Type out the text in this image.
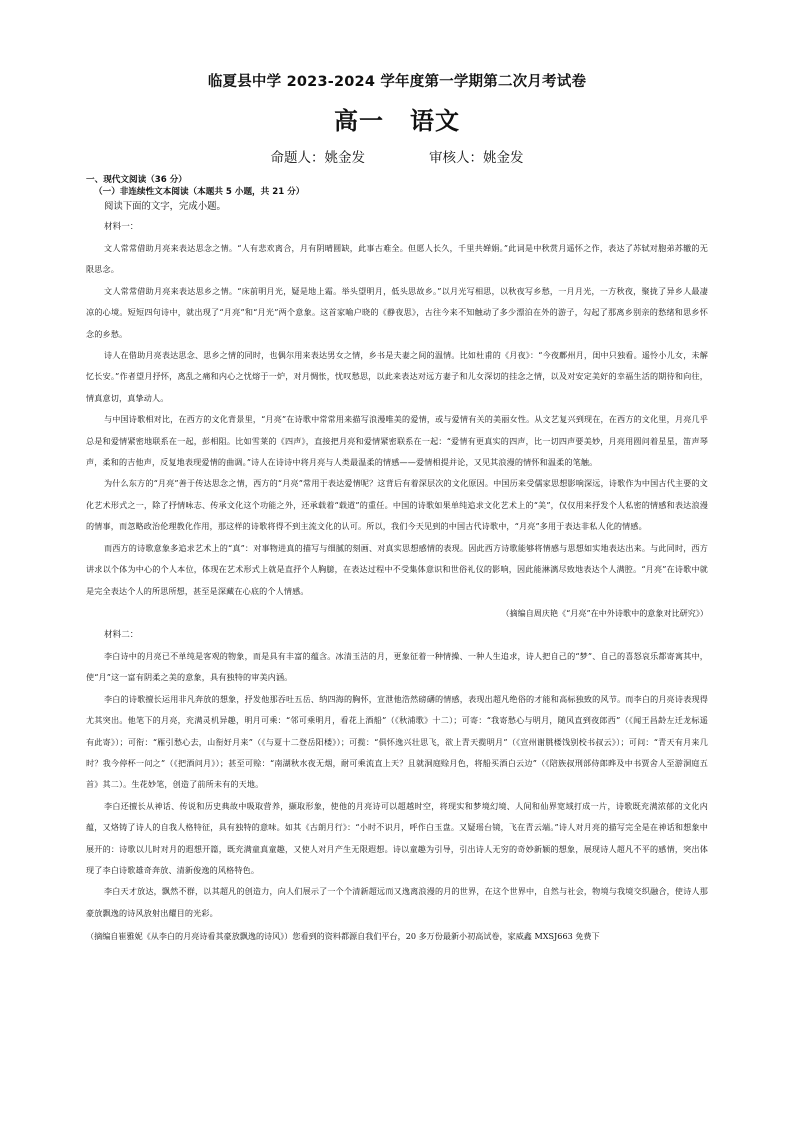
临夏县中学 2023-2024 学年度第一学期第二次月考试卷
高一 语文
命题人：姚金发	审核人：姚金发
一、现代文阅读（36 分）
（一）非连续性文本阅读（本题共 5 小题，共 21 分）
阅读下面的文字，完成小题。
材料一：

文人常常借助月亮来表达思念之情。“人有悲欢离合，月有阴晴圆缺，此事古难全。但愿人长久，千里共婵娟。”此词是中秋赏月遥怀之作，表达了苏轼对胞弟苏辙的无限思念。

文人常常借助月亮来表达思乡之情。“床前明月光，疑是地上霜。举头望明月，低头思故乡。”以月光写相思，以秋夜写乡愁，一月月光，一方秋夜，聚拢了异乡人最凄凉的心境。短短四句诗中，就出现了“月亮”和“月光”两个意象。这首家喻户晓的《静夜思》，古往今来不知触动了多少漂泊在外的游子，勾起了那离乡别亲的愁绪和思乡怀念的乡愁。

诗人在借助月亮表达思念、思乡之情的同时，也偶尔用来表达男女之情，乡书是夫妻之间的温情。比如杜甫的《月夜》：“今夜鄜州月，闺中只独看。遥怜小儿女，未解忆长安。”作者望月抒怀，离乱之痛和内心之忧熔于一炉，对月惆怅，忧叹愁思，以此来表达对远方妻子和儿女深切的挂念之情，以及对安定美好的幸福生活的期待和向往，情真意切，真挚动人。

与中国诗歌相对比，在西方的文化背景里，“月亮”在诗歌中常常用来描写浪漫唯美的爱情，或与爱情有关的美丽女性。从文艺复兴到现在，在西方的文化里，月亮几乎总是和爱情紧密地联系在一起，彭相阻。比如雪莱的《四声》，直接把月亮和爱情紧密联系在一起：“爱情有更真实的四声，比一切四声要美妙，月亮用圆问着星星，笛声琴声，柔和的吉他声，反复地表现爱情的曲调。”诗人在诗诗中将月亮与人类最温柔的情感——爱情相提并论，又见其浪漫的情怀和温柔的笔触。

为什么东方的“月亮”善于传达思念之情，西方的“月亮”常用于表达爱情呢？这背后有着深层次的文化原因。中国历来受儒家思想影响深远，诗歌作为中国古代主要的文化艺术形式之一，除了抒情咏志、传承文化这个功能之外，还承载着“载道”的重任。中国的诗歌如果单纯追求文化艺术上的“美”，仅仅用来抒发个人私密的情感和表达浪漫的情事，而忽略政治伦理教化作用，那这样的诗歌将得不到主流文化的认可。所以，我们今天见到的中国古代诗歌中，“月亮”多用于表达非私人化的情感。

而西方的诗歌意象多追求艺术上的“真”：对事物进真的描写与细腻的刻画、对真实思想感情的表现。因此西方诗歌能够将情感与思想如实地表达出来。与此同时，西方讲求以个体为中心的个人本位，体现在艺术形式上就是直抒个人胸臆，在表达过程中不受集体意识和世俗礼仪的影响，因此能淋漓尽致地表达个人满腔。“月亮”在诗歌中就是完全表达个人的所思所想，甚至是深藏在心底的个人情感。

（摘编自周庆艳《“月亮”在中外诗歌中的意象对比研究》）
材料二：

李白诗中的月亮已不单纯是客观的物象，而是具有丰富的蕴含。冰清玉洁的月，更象征着一种情操、一种人生追求，诗人把自己的“梦”、自己的喜怒哀乐都寄寓其中，使“月”这一富有阴柔之美的意象，具有独特的审美内涵。

李白的诗歌擅长运用非凡奔放的想象，抒发他那吞吐五岳、纳四海的胸怀，宣泄他浩然磅礴的情感，表现出超凡绝俗的才能和高标独致的风节。而李白的月亮诗表现得尤其突出。他笔下的月亮，充满灵机异趣，明月可乘：“邻可乘明月，看花上酒船”（《秋浦歌》十二）；可寄：“我寄愁心与明月，随风直到夜郎西”（《闻王昌龄左迁龙标遥有此寄》）；可衔：“雁引愁心去，山衔好月来”（《与夏十二登岳阳楼》）；可揽：“俱怀逸兴壮思飞，欲上青天揽明月”（《宣州谢朓楼饯别校书叔云》）；可问：“青天有月来几时？我今停杯一问之”（《把酒问月》）；甚至可赊：“南湖秋水夜无烟，耐可乘流直上天？且就洞庭赊月色，将船买酒白云边”（《陪族叔刑部侍郎晔及中书贾舍人至游洞庭五首》其二）。生花妙笔，创造了前所未有的天地。

李白还擅长从神话、传说和历史典故中吸取营养，撷取形象，使他的月亮诗可以超越时空，将现实和梦境幻境、人间和仙界宽域打成一片，诗歌既充满浓郁的文化内蕴，又烙铸了诗人的自我人格特征，具有独特的意味。如其《古朗月行》：“小时不识月，呼作白玉盘。又疑瑶台镜，飞在青云端。”诗人对月亮的描写完全是在神话和想象中展开的：诗歌以儿时对月的遐想开篇，既充满童真童趣，又使人对月产生无限遐想。诗以童趣为引导，引出诗人无穷的奇妙新颖的想象，展现诗人超凡不平的感情，突出体现了李白诗歌雄奇奔放、清新俊逸的风格特色。

李白天才放达，飘然不群，以其超凡的创造力，向人们展示了一个个清新超远而又逸离浪漫的月的世界，在这个世界中，自然与社会，物境与我境交织融合，使诗人那豪放飘逸的诗风放射出耀目的光彩。

（摘编自崔雅妮《从李白的月亮诗看其豪放飘逸的诗风》）您看到的资料都源自我们平台，20 多万份最新小初高试卷，家威鑫 MXSJ663 免费下
